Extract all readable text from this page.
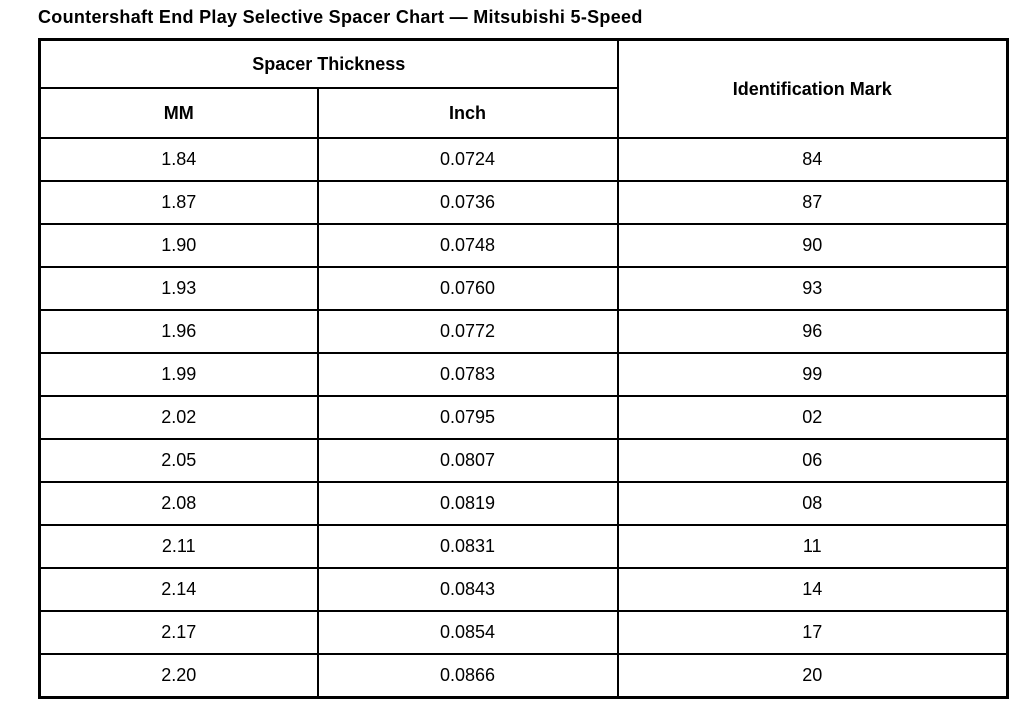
Countershaft End Play Selective Spacer Chart — Mitsubishi 5-Speed
Spacer Thickness		Identification Mark
MM	Inch	
1.84	0.0724	84
1.87	0.0736	87
1.90	0.0748	90
1.93	0.0760	93
1.96	0.0772	96
1.99	0.0783	99
2.02	0.0795	02
2.05	0.0807	06
2.08	0.0819	08
2.11	0.0831	11
2.14	0.0843	14
2.17	0.0854	17
2.20	0.0866	20
